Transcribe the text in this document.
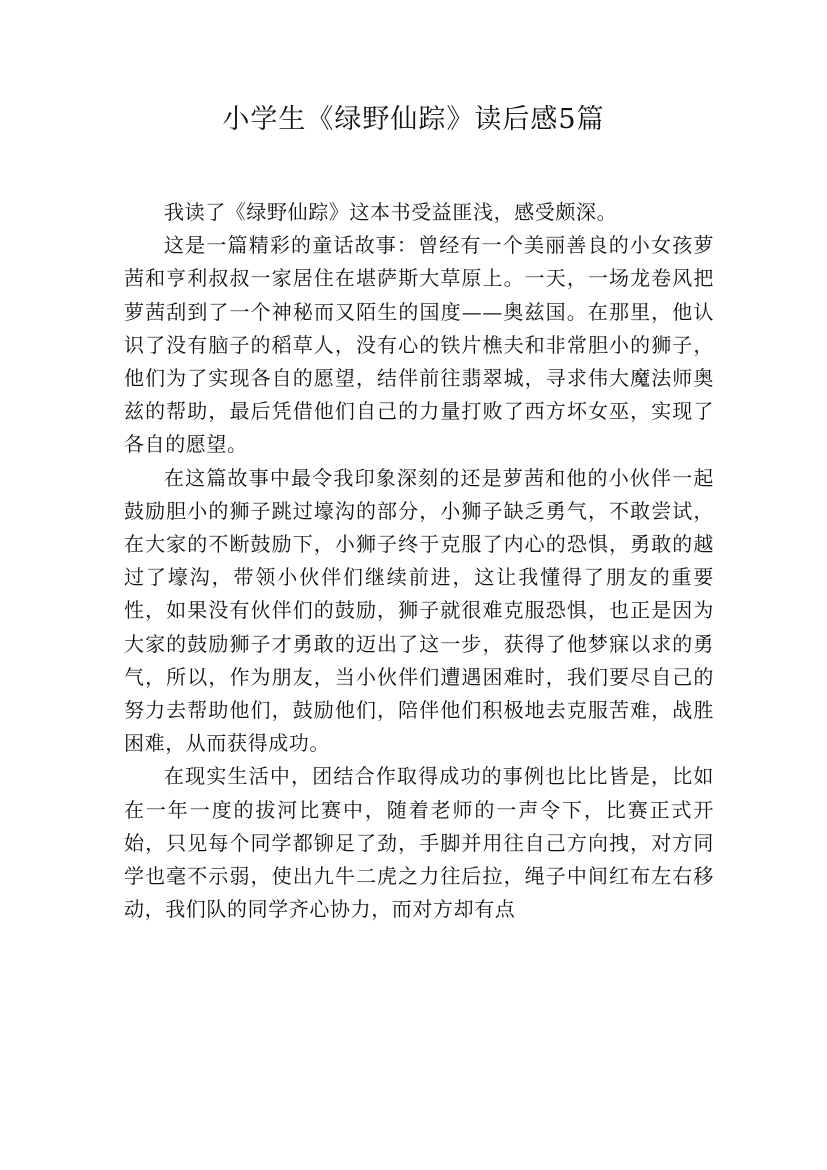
小学生《绿野仙踪》读后感5篇

我读了《绿野仙踪》这本书受益匪浅，感受颇深。

这是一篇精彩的童话故事：曾经有一个美丽善良的小女孩萝茜和亨利叔叔一家居住在堪萨斯大草原上。一天，一场龙卷风把萝茜刮到了一个神秘而又陌生的国度——奥兹国。在那里，他认识了没有脑子的稻草人，没有心的铁片樵夫和非常胆小的狮子，他们为了实现各自的愿望，结伴前往翡翠城，寻求伟大魔法师奥兹的帮助，最后凭借他们自己的力量打败了西方坏女巫，实现了各自的愿望。

在这篇故事中最令我印象深刻的还是萝茜和他的小伙伴一起鼓励胆小的狮子跳过壕沟的部分，小狮子缺乏勇气，不敢尝试，在大家的不断鼓励下，小狮子终于克服了内心的恐惧，勇敢的越过了壕沟，带领小伙伴们继续前进，这让我懂得了朋友的重要性，如果没有伙伴们的鼓励，狮子就很难克服恐惧，也正是因为大家的鼓励狮子才勇敢的迈出了这一步，获得了他梦寐以求的勇气，所以，作为朋友，当小伙伴们遭遇困难时，我们要尽自己的努力去帮助他们，鼓励他们，陪伴他们积极地去克服苦难，战胜困难，从而获得成功。

在现实生活中，团结合作取得成功的事例也比比皆是，比如在一年一度的拔河比赛中，随着老师的一声令下，比赛正式开始，只见每个同学都铆足了劲，手脚并用往自己方向拽，对方同学也毫不示弱，使出九牛二虎之力往后拉，绳子中间红布左右移动，我们队的同学齐心协力，而对方却有点
